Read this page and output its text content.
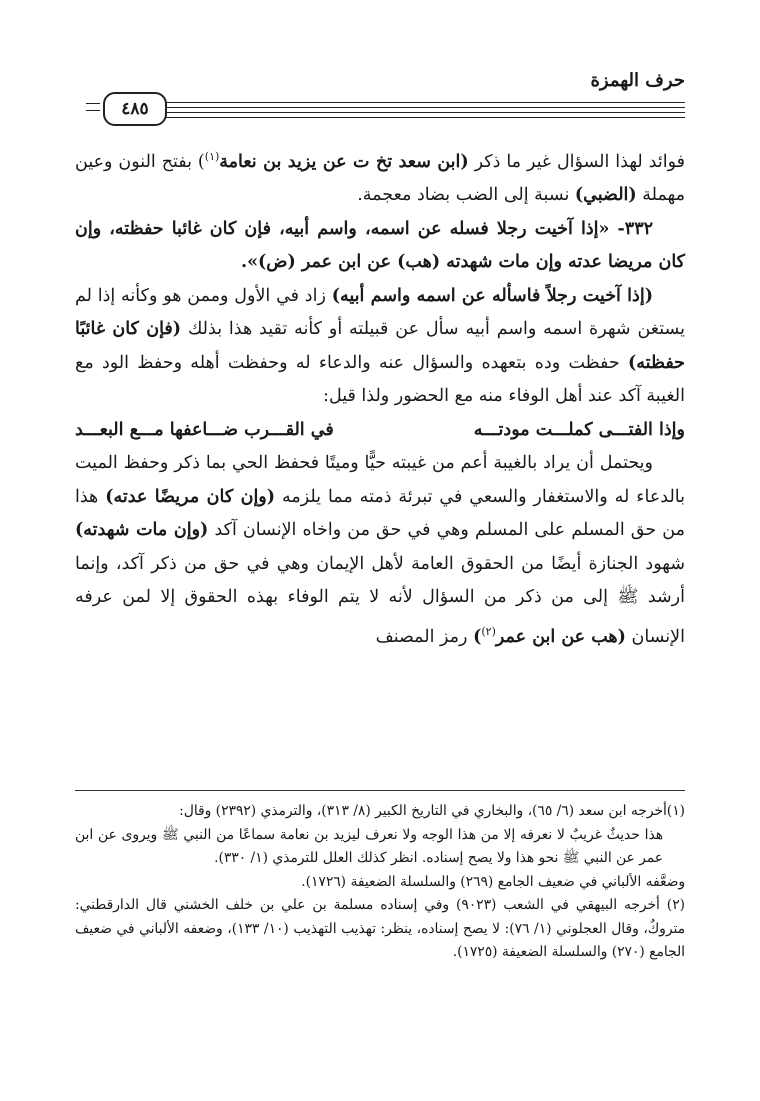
حرف الهمزة
٤٨٥

فوائد لهذا السؤال غير ما ذكر (ابن سعد تخ ت عن يزيد بن نعامة$^{(١)}$) بفتح النون وعين مهملة (الضبي) نسبة إلى الضب بضاد معجمة.

٣٣٢- «إذا آخيت رجلا فسله عن اسمه، واسم أبيه، فإن كان غائبا حفظته، وإن كان مريضا عدته وإن مات شهدته (هب) عن ابن عمر (ض)».

(إذا آخيت رجلاً فاسأله عن اسمه واسم أبيه) زاد في الأول وممن هو وكأنه إذا لم يستغن شهرة اسمه واسم أبيه سأل عن قبيلته أو كأنه تقيد هذا بذلك (فإن كان غائبًا حفظته) حفظت وده بتعهده والسؤال عنه والدعاء له وحفظت أهله وحفظ الود مع الغيبة آكد عند أهل الوفاء منه مع الحضور ولذا قيل:

وإذا الفتـــى كملـــت مودتـــه
في القـــرب ضـــاعفها مـــع البعـــد

ويحتمل أن يراد بالغيبة أعم من غيبته حيًّا وميتًا فحفظ الحي بما ذكر وحفظ الميت بالدعاء له والاستغفار والسعي في تبرئة ذمته مما يلزمه (وإن كان مريضًا عدته) هذا من حق المسلم على المسلم وهي في حق من واخاه الإنسان آكد (وإن مات شهدته) شهود الجنازة أيضًا من الحقوق العامة لأهل الإيمان وهي في حق من ذكر آكد، وإنما أرشد ﷺ إلى من ذكر من السؤال لأنه لا يتم الوفاء بهذه الحقوق إلا لمن عرفه الإنسان (هب عن ابن عمر$^{(٢)}$) رمز المصنف

(١)أخرجه ابن سعد (٦/ ٦٥)، والبخاري في التاريخ الكبير (٨/ ٣١٣)، والترمذي (٢٣٩٢) وقال:

هذا حديثٌ غريبٌ لا نعرفه إلا من هذا الوجه ولا نعرف ليزيد بن نعامة سماعًا من النبي ﷺ ويروى عن ابن عمر عن النبي ﷺ نحو هذا ولا يصح إسناده. انظر كذلك العلل للترمذي (١/ ٣٣٠).

وضعَّفه الألباني في ضعيف الجامع (٢٦٩) والسلسلة الضعيفة (١٧٢٦).

(٢) أخرجه البيهقي في الشعب (٩٠٢٣) وفي إسناده مسلمة بن علي بن خلف الخشني قال الدارقطني: متروكٌ، وقال العجلوني (١/ ٧٦): لا يصح إسناده، ينظر: تهذيب التهذيب (١٠/ ١٣٣)، وضعفه الألباني في ضعيف الجامع (٢٧٠) والسلسلة الضعيفة (١٧٢٥).
